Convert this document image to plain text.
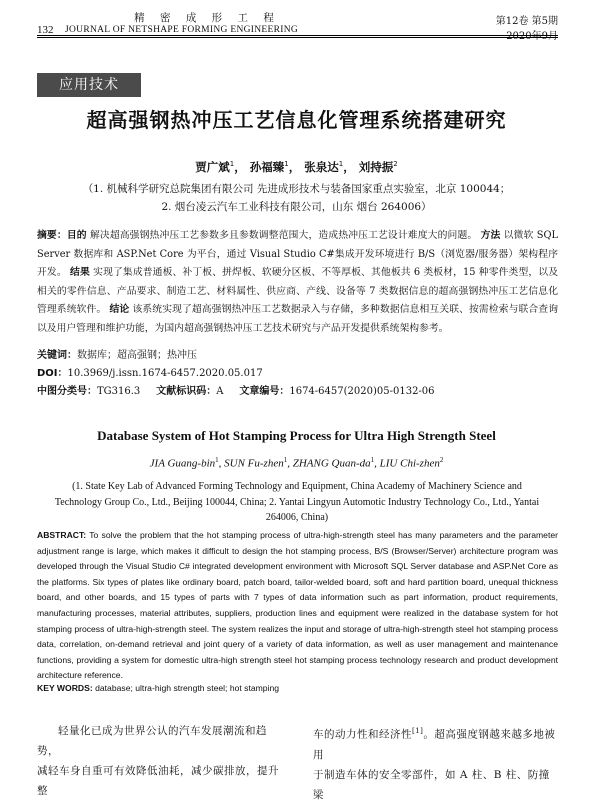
精 密 成 形 工 程
132 JOURNAL OF NETSHAPE FORMING ENGINEERING
第12卷 第5期
2020年9月
应用技术
超高强钢热冲压工艺信息化管理系统搭建研究
贾广斌$^1$， 孙福臻$^1$， 张泉达$^1$， 刘持振$^2$
（1. 机械科学研究总院集团有限公司 先进成形技术与装备国家重点实验室，北京 100044；
2. 烟台凌云汽车工业科技有限公司，山东 烟台 264006）
摘要：目的 解决超高强钢热冲压工艺参数多且参数调整范围大，造成热冲压工艺设计难度大的问题。 方法 以微软 SQL Server 数据库和 ASP.Net Core 为平台，通过 Visual Studio C#集成开发环境进行 B/S（浏览器/服务器）架构程序开发。 结果 实现了集成普通板、补丁板、拼焊板、软硬分区板、不等厚板、其他板共 6 类板材，15 种零件类型，以及相关的零件信息、产品要求、制造工艺、材料属性、供应商、产线、设备等 7 类数据信息的超高强钢热冲压工艺信息化管理系统软件。 结论 该系统实现了超高强钢热冲压工艺数据录入与存储，多种数据信息相互关联、按需检索与联合查询以及用户管理和维护功能，为国内超高强钢热冲压工艺技术研究与产品开发提供系统架构参考。
关键词：数据库；超高强钢；热冲压
DOI：10.3969/j.issn.1674-6457.2020.05.017
中图分类号：TG316.3 文献标识码：A 文章编号：1674-6457(2020)05-0132-06
Database System of Hot Stamping Process for Ultra High Strength Steel
JIA Guang-bin$^1$, SUN Fu-zhen$^1$, ZHANG Quan-$da^1$, LIU Chi-zhen$^2$
(1. State Key Lab of Advanced Forming Technology and Equipment, China Academy of Machinery Science and Technology Group Co., Ltd., Beijing 100044, China; 2. Yantai Lingyun Automotic Industry Technology Co., Ltd., Yantai 264006, China)
ABSTRACT: To solve the problem that the hot stamping process of ultra-high-strength steel has many parameters and the parameter adjustment range is large, which makes it difficult to design the hot stamping process, B/S (Browser/Server) architecture program was developed through the Visual Studio C# integrated development environment with Microsoft SQL Server database and ASP.Net Core as the platforms. Six types of plates like ordinary board, patch board, tailor-welded board, soft and hard partition board, unequal thickness board, and other boards, and 15 types of parts with 7 types of data information such as part information, product requirements, manufacturing processes, material attributes, suppliers, production lines and equipment were realized in the database system for hot stamping process of ultra-high-strength steel. The system realizes the input and storage of ultra-high-strength steel hot stamping process data, correlation, on-demand retrieval and joint query of a variety of data information, as well as user management and maintenance functions, providing a system for domestic ultra-high strength steel hot stamping process technology research and product development architecture reference.
KEY WORDS: database; ultra-high strength steel; hot stamping
轻量化已成为世界公认的汽车发展潮流和趋势，
减轻车身自重可有效降低油耗，减少碳排放，提升整
车的动力性和经济性[1]。超高强度钢越来越多地被用
于制造车体的安全零部件，如 A 柱、B 柱、防撞梁
